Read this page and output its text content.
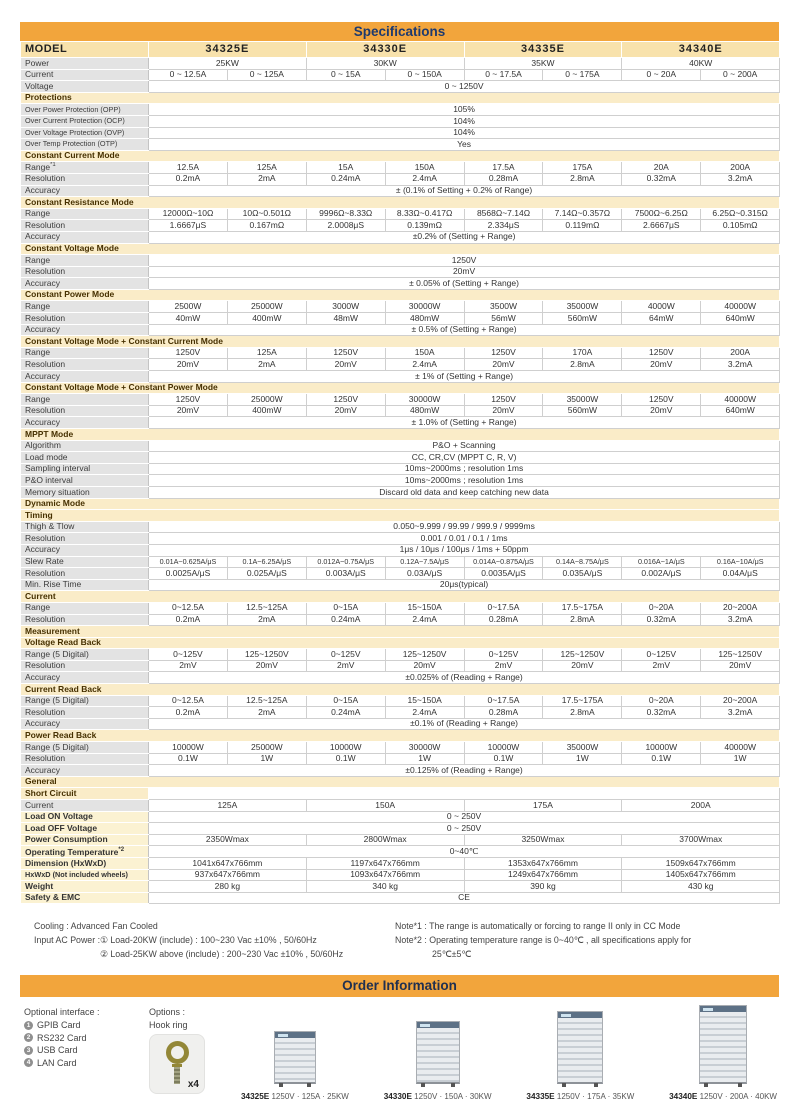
Specifications
MODEL	34325E		34330E		34335E		34340E	
Power	25KW		30KW		35KW		40KW	
Current	0 ~ 12.5A	0 ~ 125A	0 ~ 15A	0 ~ 150A	0 ~ 17.5A	0 ~ 175A	0 ~ 20A	0 ~ 200A
Voltage	0 ~ 1250V							
Protections								
Over Power Protection (OPP)	105%							
Over Current Protection (OCP)	104%							
Over Voltage Protection (OVP)	104%							
Over Temp Protection (OTP)	Yes							
Constant Current Mode								
Range$^{*1}$	12.5A	125A	15A	150A	17.5A	175A	20A	200A
Resolution	0.2mA	2mA	0.24mA	2.4mA	0.28mA	2.8mA	0.32mA	3.2mA
Accuracy	± (0.1% of Setting + 0.2% of Range)							
Constant Resistance Mode								
Range	12000Ω~10Ω	10Ω~0.501Ω	9996Ω~8.33Ω	8.33Ω~0.417Ω	8568Ω~7.14Ω	7.14Ω~0.357Ω	7500Ω~6.25Ω	6.25Ω~0.315Ω
Resolution	1.6667μS	0.167mΩ	2.0008μS	0.139mΩ	2.334μS	0.119mΩ	2.6667μS	0.105mΩ
Accuracy	±0.2% of (Setting + Range)							
Constant Voltage Mode								
Range	1250V							
Resolution	20mV							
Accuracy	± 0.05% of (Setting + Range)							
Constant Power Mode								
Range	2500W	25000W	3000W	30000W	3500W	35000W	4000W	40000W
Resolution	40mW	400mW	48mW	480mW	56mW	560mW	64mW	640mW
Accuracy	± 0.5% of (Setting + Range)							
Constant Voltage Mode + Constant Current Mode								
Range	1250V	125A	1250V	150A	1250V	170A	1250V	200A
Resolution	20mV	2mA	20mV	2.4mA	20mV	2.8mA	20mV	3.2mA
Accuracy	± 1% of (Setting + Range)							
Constant Voltage Mode + Constant Power Mode								
Range	1250V	25000W	1250V	30000W	1250V	35000W	1250V	40000W
Resolution	20mV	400mW	20mV	480mW	20mV	560mW	20mV	640mW
Accuracy	± 1.0% of (Setting + Range)							
MPPT Mode								
Algorithm	P&O + Scanning							
Load mode	CC, CR,CV (MPPT C, R, V)							
Sampling interval	10ms~2000ms ; resolution 1ms							
P&O interval	10ms~2000ms ; resolution 1ms							
Memory situation	Discard old data and keep catching new data							
Dynamic Mode								
Timing								
Thigh & Tlow	0.050~9.999 / 99.99 / 999.9 / 9999ms							
Resolution	0.001 / 0.01 / 0.1 / 1ms							
Accuracy	1μs / 10μs / 100μs / 1ms + 50ppm							
Slew Rate	0.01A~0.625A/μS	0.1A~6.25A/μS	0.012A~0.75A/μS	0.12A~7.5A/μS	0.014A~0.875A/μS	0.14A~8.75A/μS	0.016A~1A/μS	0.16A~10A/μS
Resolution	0.0025A/μS	0.025A/μS	0.003A/μS	0.03A/μS	0.0035A/μS	0.035A/μS	0.002A/μS	0.04A/μS
Min. Rise Time	20μs(typical)							
Current								
Range	0~12.5A	12.5~125A	0~15A	15~150A	0~17.5A	17.5~175A	0~20A	20~200A
Resolution	0.2mA	2mA	0.24mA	2.4mA	0.28mA	2.8mA	0.32mA	3.2mA
Measurement								
Voltage Read Back								
Range (5 Digital)	0~125V	125~1250V	0~125V	125~1250V	0~125V	125~1250V	0~125V	125~1250V
Resolution	2mV	20mV	2mV	20mV	2mV	20mV	2mV	20mV
Accuracy	±0.025% of (Reading + Range)							
Current Read Back								
Range (5 Digital)	0~12.5A	12.5~125A	0~15A	15~150A	0~17.5A	17.5~175A	0~20A	20~200A
Resolution	0.2mA	2mA	0.24mA	2.4mA	0.28mA	2.8mA	0.32mA	3.2mA
Accuracy	±0.1% of (Reading + Range)							
Power Read Back								
Range (5 Digital)	10000W	25000W	10000W	30000W	10000W	35000W	10000W	40000W
Resolution	0.1W	1W	0.1W	1W	0.1W	1W	0.1W	1W
Accuracy	±0.125% of (Reading + Range)							
General								
Short Circuit								
Current	125A		150A		175A		200A	
Load ON Voltage	0 ~ 250V							
Load OFF Voltage	0 ~ 250V							
Power Consumption	2350Wmax		2800Wmax		3250Wmax		3700Wmax	
Operating Temperature$^{*2}$	0~40℃							
Dimension (HxWxD)	1041x647x766mm		1197x647x766mm		1353x647x766mm		1509x647x766mm	
HxWxD (Not included wheels)	937x647x766mm		1093x647x766mm		1249x647x766mm		1405x647x766mm	
Weight	280 kg		340 kg		390 kg		430 kg	
Safety & EMC	CE							
Cooling : Advanced Fan Cooled
Input AC Power : ① Load-20KW (include) : 100~230 Vac ±10% , 50/60Hz
② Load-25KW above (include) : 200~230 Vac ±10% , 50/60Hz
Note*1 : The range is automatically or forcing to range II only in CC Mode
Note*2 : Operating temperature range is 0~40℃ , all specifications apply for
25℃±5℃
Order Information
Optional interface :
1 GPIB Card
2 RS232 Card
3 USB Card
4 LAN Card
Options :
Hook ring
x4
34325E 1250V · 125A · 25KW	34330E 1250V · 150A · 30KW	34335E 1250V · 175A · 35KW	34340E 1250V · 200A · 40KW
